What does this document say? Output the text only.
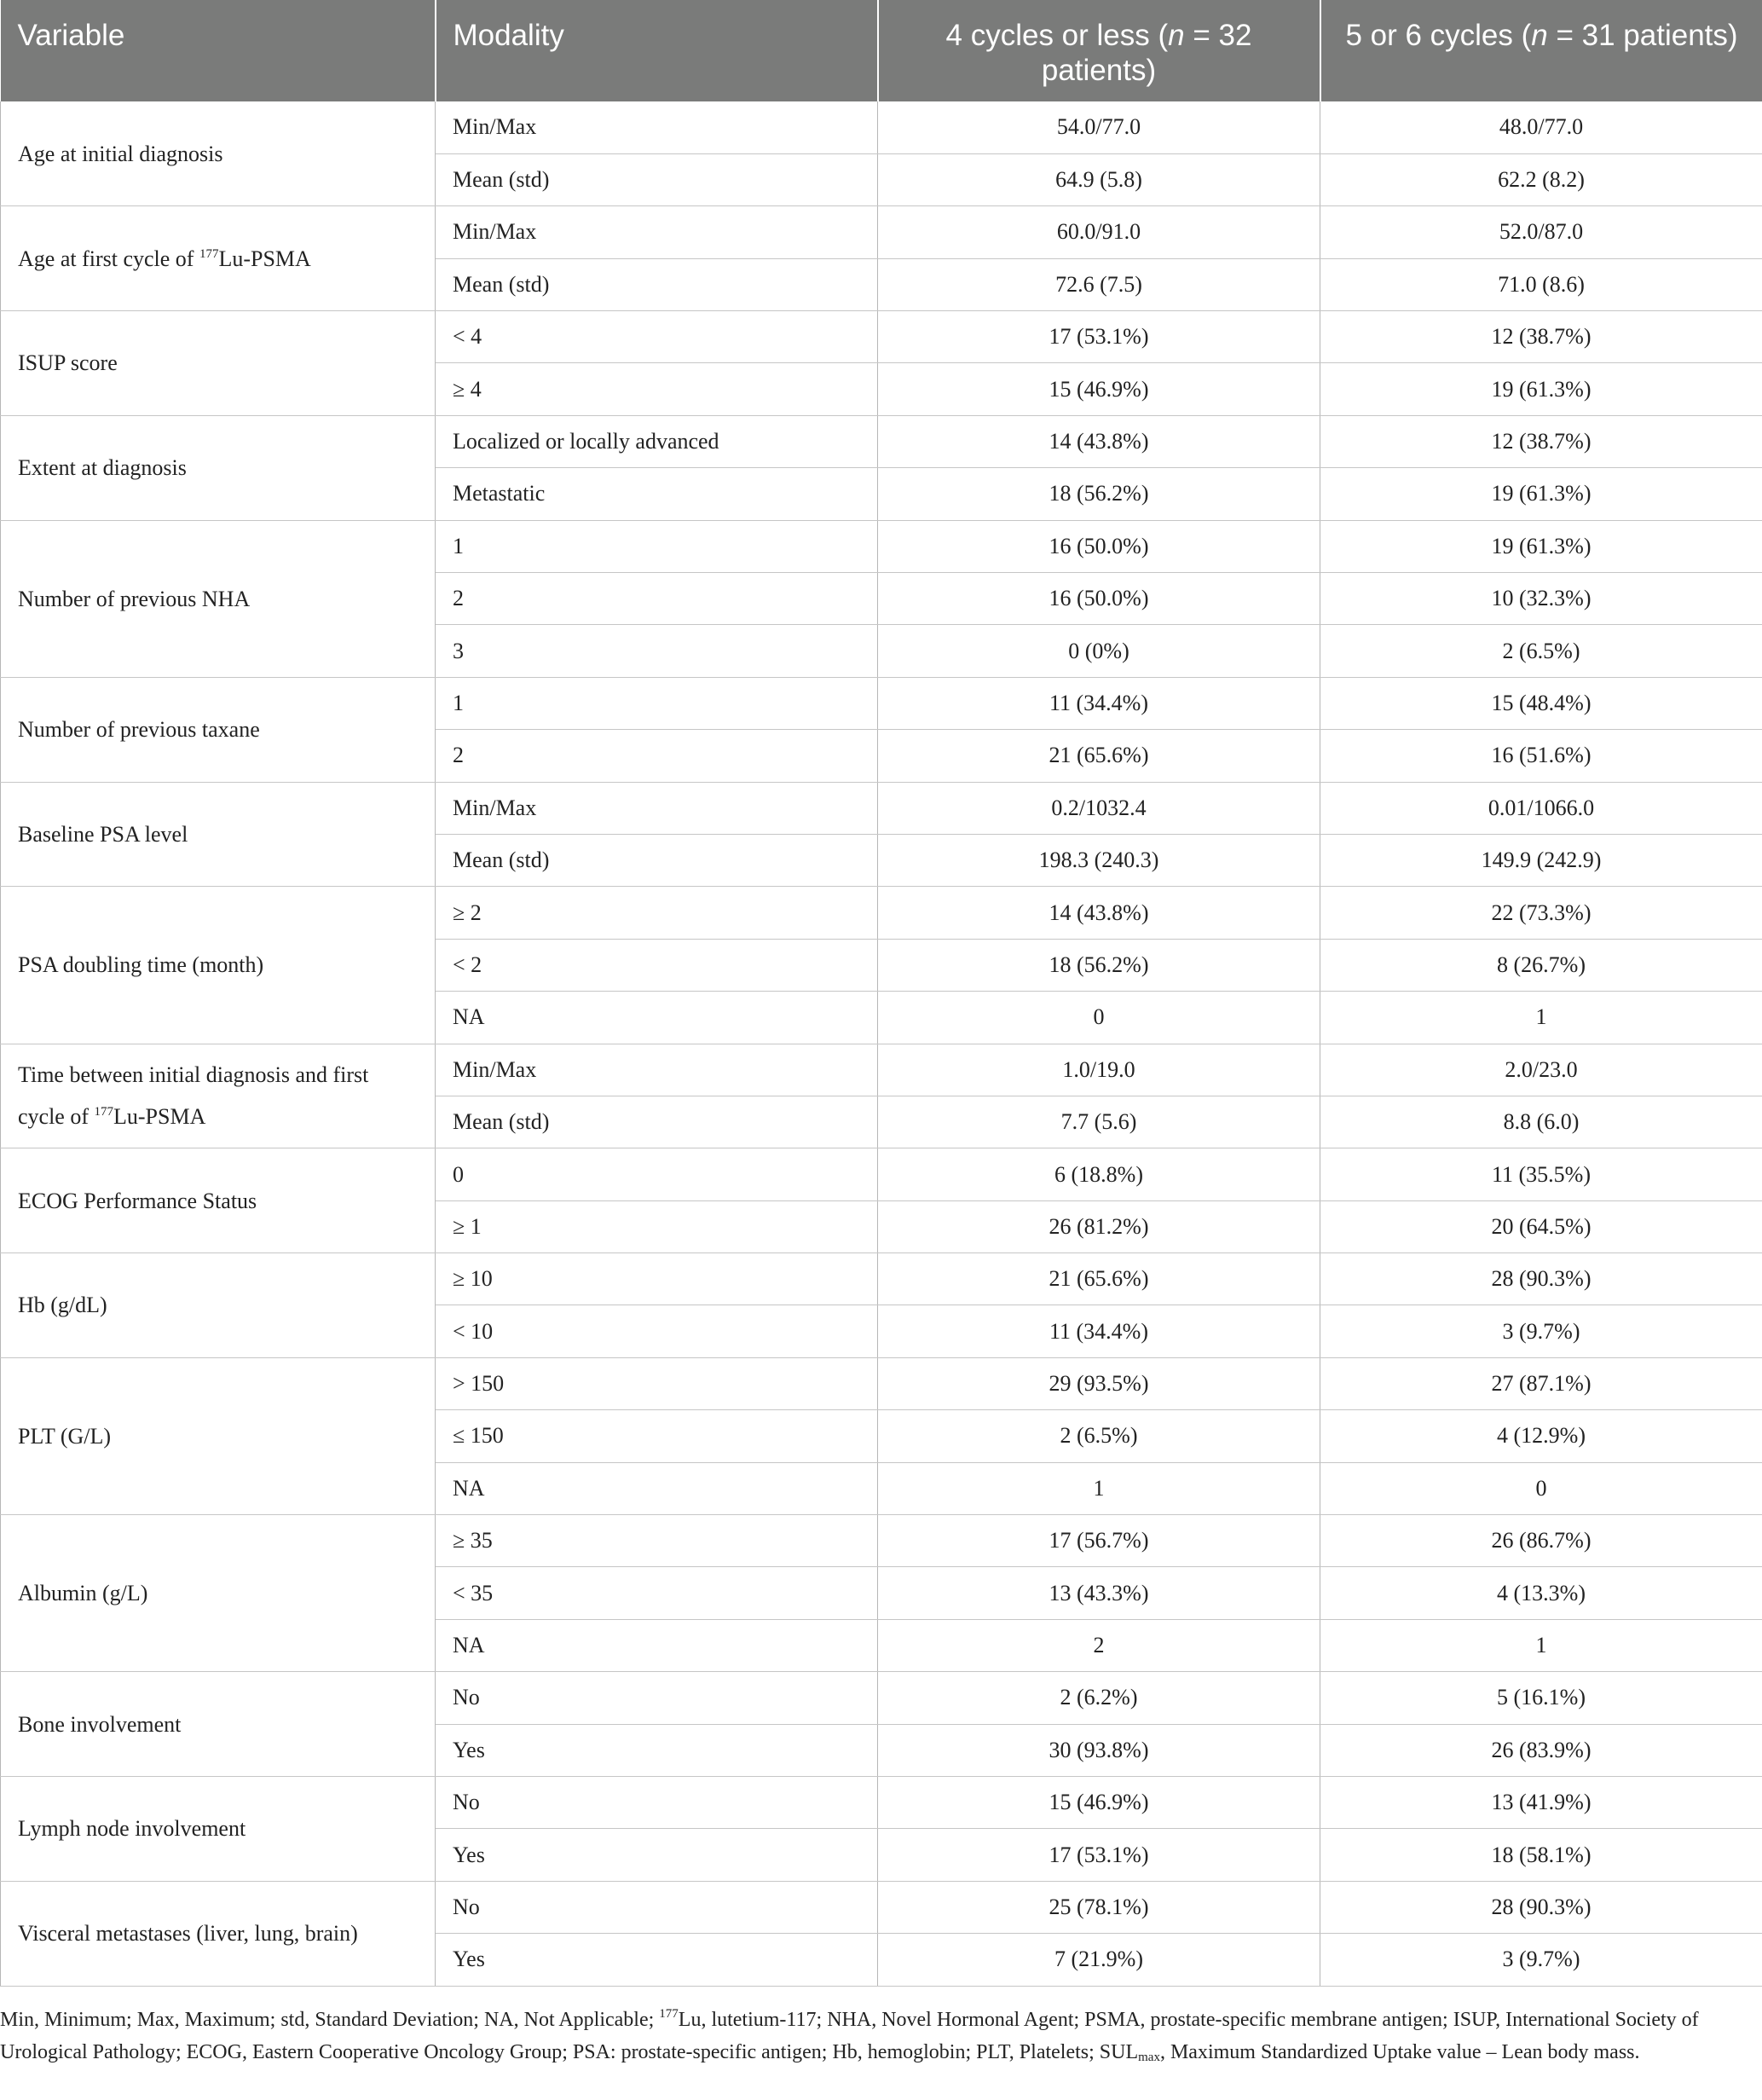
Variable	Modality	4 cycles or less (n = 32 patients)	5 or 6 cycles (n = 31 patients)
Age at initial diagnosis	Min/Max	54.0/77.0	48.0/77.0
	Mean (std)	64.9 (5.8)	62.2 (8.2)
Age at first cycle of $^{177}$Lu-PSMA	Min/Max	60.0/91.0	52.0/87.0
	Mean (std)	72.6 (7.5)	71.0 (8.6)
ISUP score	< 4	17 (53.1%)	12 (38.7%)
	≥ 4	15 (46.9%)	19 (61.3%)
Extent at diagnosis	Localized or locally advanced	14 (43.8%)	12 (38.7%)
	Metastatic	18 (56.2%)	19 (61.3%)
Number of previous NHA	1	16 (50.0%)	19 (61.3%)
	2	16 (50.0%)	10 (32.3%)
	3	0 (0%)	2 (6.5%)
Number of previous taxane	1	11 (34.4%)	15 (48.4%)
	2	21 (65.6%)	16 (51.6%)
Baseline PSA level	Min/Max	0.2/1032.4	0.01/1066.0
	Mean (std)	198.3 (240.3)	149.9 (242.9)
PSA doubling time (month)	≥ 2	14 (43.8%)	22 (73.3%)
	< 2	18 (56.2%)	8 (26.7%)
	NA	0	1
Time between initial diagnosis and first cycle of $^{177}$Lu-PSMA	Min/Max	1.0/19.0	2.0/23.0
	Mean (std)	7.7 (5.6)	8.8 (6.0)
ECOG Performance Status	0	6 (18.8%)	11 (35.5%)
	≥ 1	26 (81.2%)	20 (64.5%)
Hb (g/dL)	≥ 10	21 (65.6%)	28 (90.3%)
	< 10	11 (34.4%)	3 (9.7%)
PLT (G/L)	> 150	29 (93.5%)	27 (87.1%)
	≤ 150	2 (6.5%)	4 (12.9%)
	NA	1	0
Albumin (g/L)	≥ 35	17 (56.7%)	26 (86.7%)
	< 35	13 (43.3%)	4 (13.3%)
	NA	2	1
Bone involvement	No	2 (6.2%)	5 (16.1%)
	Yes	30 (93.8%)	26 (83.9%)
Lymph node involvement	No	15 (46.9%)	13 (41.9%)
	Yes	17 (53.1%)	18 (58.1%)
Visceral metastases (liver, lung, brain)	No	25 (78.1%)	28 (90.3%)
	Yes	7 (21.9%)	3 (9.7%)
Min, Minimum; Max, Maximum; std, Standard Deviation; NA, Not Applicable; $^{177}$Lu, lutetium-117; NHA, Novel Hormonal Agent; PSMA, prostate-specific membrane antigen; ISUP, International Society of Urological Pathology; ECOG, Eastern Cooperative Oncology Group; PSA: prostate-specific antigen; Hb, hemoglobin; PLT, Platelets; $SUL_{max}$, Maximum Standardized Uptake value – Lean body mass.
